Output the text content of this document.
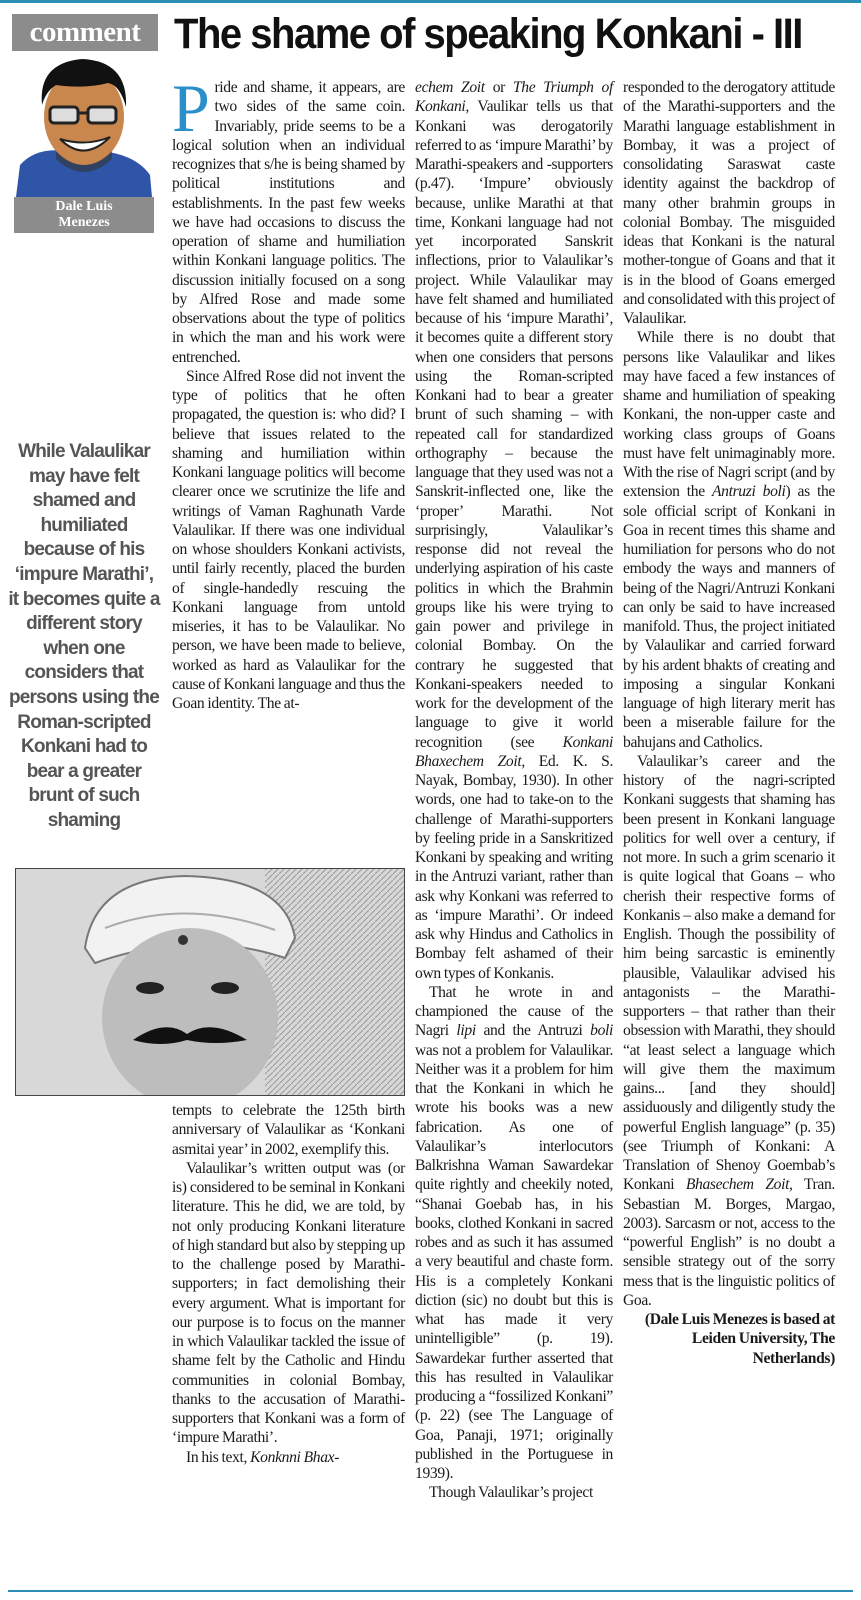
comment The shame of speaking Konkani - III
Dale Luis
Menezes
While Valaulikar may have felt shamed and humiliated because of his ‘impure Marathi’, it becomes quite a different story when one considers that persons using the Roman-scripted Konkani had to bear a greater brunt of such shaming

Pride and shame, it appears, are two sides of the same coin. Invariably, pride seems to be a logical solution when an individual recognizes that s/he is being shamed by political institutions and establishments. In the past few weeks we have had occasions to discuss the operation of shame and humiliation within Konkani language politics. The discussion initially focused on a song by Alfred Rose and made some observations about the type of politics in which the man and his work were entrenched.

Since Alfred Rose did not invent the type of politics that he often propagated, the question is: who did? I believe that issues related to the shaming and humiliation within Konkani language politics will become clearer once we scrutinize the life and writings of Vaman Raghunath Varde Valaulikar. If there was one individual on whose shoulders Konkani activists, until fairly recently, placed the burden of single-handedly rescuing the Konkani language from untold miseries, it has to be Valaulikar. No person, we have been made to believe, worked as hard as Valaulikar for the cause of Konkani language and thus the Goan identity. The at-

tempts to celebrate the 125th birth anniversary of Valaulikar as ‘Konkani asmitai year’ in 2002, exemplify this.

Valaulikar’s written output was (or is) considered to be seminal in Konkani literature. This he did, we are told, by not only producing Konkani literature of high standard but also by stepping up to the challenge posed by Marathi-supporters; in fact demolishing their every argument. What is important for our purpose is to focus on the manner in which Valaulikar tackled the issue of shame felt by the Catholic and Hindu communities in colonial Bombay, thanks to the accusation of Marathi-supporters that Konkani was a form of ‘impure Marathi’.

In his text, Konknni Bhax-

echem Zoit or The Triumph of Konkani, Vaulikar tells us that Konkani was derogatorily referred to as ‘impure Marathi’ by Marathi-speakers and -supporters (p.47). ‘Impure’ obviously because, unlike Marathi at that time, Konkani language had not yet incorporated Sanskrit inflections, prior to Valaulikar’s project. While Valaulikar may have felt shamed and humiliated because of his ‘impure Marathi’, it becomes quite a different story when one considers that persons using the Roman-scripted Konkani had to bear a greater brunt of such shaming – with repeated call for standardized orthography – because the language that they used was not a Sanskrit-inflected one, like the ‘proper’ Marathi. Not surprisingly, Valaulikar’s response did not reveal the underlying aspiration of his caste politics in which the Brahmin groups like his were trying to gain power and privilege in colonial Bombay. On the contrary he suggested that Konkani-speakers needed to work for the development of the language to give it world recognition (see Konkani Bhaxechem Zoit, Ed. K. S. Nayak, Bombay, 1930). In other words, one had to take-on to the challenge of Marathi-supporters by feeling pride in a Sanskritized Konkani by speaking and writing in the Antruzi variant, rather than ask why Konkani was referred to as ‘impure Marathi’. Or indeed ask why Hindus and Catholics in Bombay felt ashamed of their own types of Konkanis.

That he wrote in and championed the cause of the Nagri lipi and the Antruzi boli was not a problem for Valaulikar. Neither was it a problem for him that the Konkani in which he wrote his books was a new fabrication. As one of Valaulikar’s interlocutors Balkrishna Waman Sawardekar quite rightly and cheekily noted, “Shanai Goebab has, in his books, clothed Konkani in sacred robes and as such it has assumed a very beautiful and chaste form. His is a completely Konkani diction (sic) no doubt but this is what has made it very unintelligible” (p. 19). Sawardekar further asserted that this has resulted in Valaulikar producing a “fossilized Konkani” (p. 22) (see The Language of Goa, Panaji, 1971; originally published in the Portuguese in 1939).

Though Valaulikar’s project

responded to the derogatory attitude of the Marathi-supporters and the Marathi language establishment in Bombay, it was a project of consolidating Saraswat caste identity against the backdrop of many other brahmin groups in colonial Bombay. The misguided ideas that Konkani is the natural mother-tongue of Goans and that it is in the blood of Goans emerged and consolidated with this project of Valaulikar.

While there is no doubt that persons like Valaulikar and likes may have faced a few instances of shame and humiliation of speaking Konkani, the non-upper caste and working class groups of Goans must have felt unimaginably more. With the rise of Nagri script (and by extension the Antruzi boli) as the sole official script of Konkani in Goa in recent times this shame and humiliation for persons who do not embody the ways and manners of being of the Nagri/Antruzi Konkani can only be said to have increased manifold. Thus, the project initiated by Valaulikar and carried forward by his ardent bhakts of creating and imposing a singular Konkani language of high literary merit has been a miserable failure for the bahujans and Catholics.

Valaulikar’s career and the history of the nagri-scripted Konkani suggests that shaming has been present in Konkani language politics for well over a century, if not more. In such a grim scenario it is quite logical that Goans – who cherish their respective forms of Konkanis – also make a demand for English. Though the possibility of him being sarcastic is eminently plausible, Valaulikar advised his antagonists – the Marathi-supporters – that rather than their obsession with Marathi, they should “at least select a language which will give them the maximum gains... [and they should] assiduously and diligently study the powerful English language” (p. 35) (see Triumph of Konkani: A Translation of Shenoy Goembab’s Konkani Bhasechem Zoit, Tran. Sebastian M. Borges, Margao, 2003). Sarcasm or not, access to the “powerful English” is no doubt a sensible strategy out of the sorry mess that is the linguistic politics of Goa.

(Dale Luis Menezes is based at Leiden University, The Netherlands)
